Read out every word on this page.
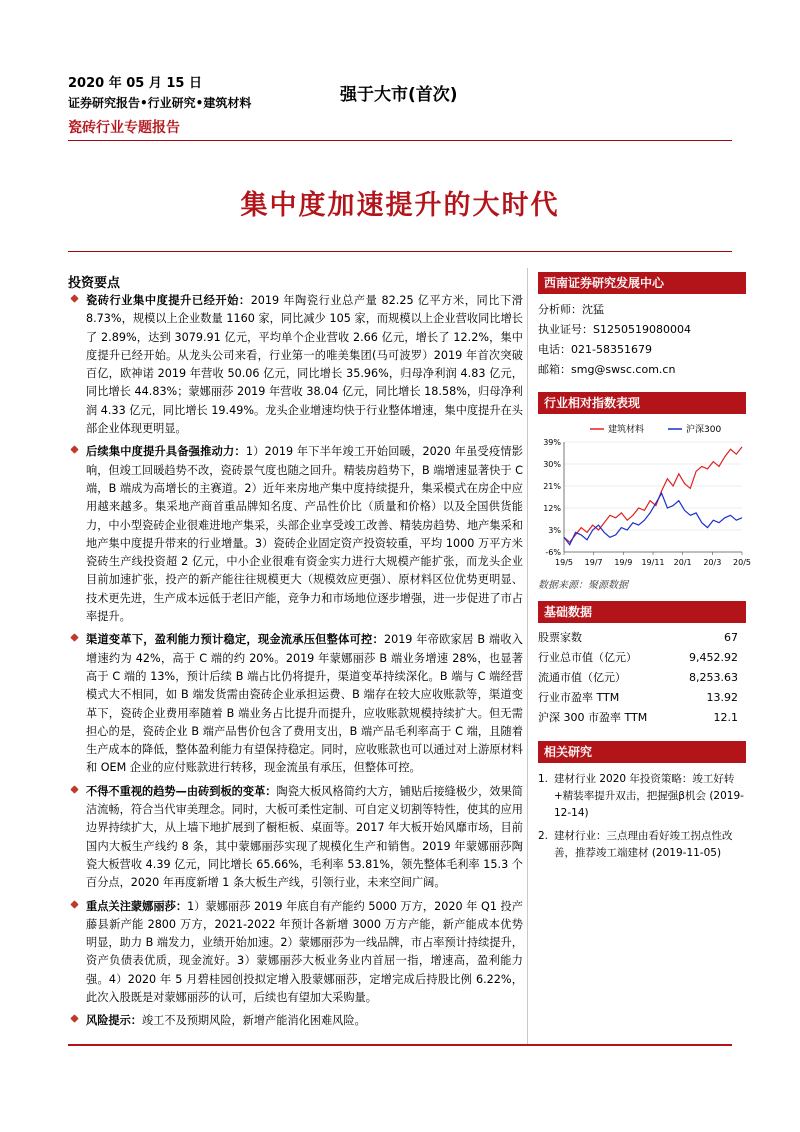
2020 年 05 月 15 日
证券研究报告•行业研究•建筑材料
瓷砖行业专题报告
强于大市(首次)
集中度加速提升的大时代
投资要点
瓷砖行业集中度提升已经开始：2019 年陶瓷行业总产量 82.25 亿平方米，同比下滑 8.73%，规模以上企业数量 1160 家，同比减少 105 家，而规模以上企业营收同比增长了 2.89%，达到 3079.91 亿元，平均单个企业营收 2.66 亿元，增长了 12.2%，集中度提升已经开始。从龙头公司来看，行业第一的唯美集团(马可波罗）2019 年首次突破百亿，欧神诺 2019 年营收 50.06 亿元，同比增长 35.96%，归母净利润 4.83 亿元，同比增长 44.83%；蒙娜丽莎 2019 年营收 38.04 亿元，同比增长 18.58%，归母净利润 4.33 亿元，同比增长 19.49%。龙头企业增速均快于行业整体增速，集中度提升在头部企业体现更明显。
后续集中度提升具备强推动力：1）2019 年下半年竣工开始回暖，2020 年虽受疫情影响，但竣工回暖趋势不改，瓷砖景气度也随之回升。精装房趋势下，B 端增速显著快于 C 端，B 端成为高增长的主赛道。2）近年来房地产集中度持续提升，集采模式在房企中应用越来越多。集采地产商首重品牌知名度、产品性价比（质量和价格）以及全国供货能力，中小型瓷砖企业很难进地产集采，头部企业享受竣工改善、精装房趋势、地产集采和地产集中度提升带来的行业增量。3）瓷砖企业固定资产投资较重，平均 1000 万平方米瓷砖生产线投资超 2 亿元，中小企业很难有资金实力进行大规模产能扩张，而龙头企业目前加速扩张，投产的新产能往往规模更大（规模效应更强）、原材料区位优势更明显、技术更先进，生产成本远低于老旧产能，竞争力和市场地位逐步增强，进一步促进了市占率提升。
渠道变革下，盈利能力预计稳定，现金流承压但整体可控：2019 年帝欧家居 B 端收入增速约为 42%，高于 C 端的约 20%。2019 年蒙娜丽莎 B 端业务增速 28%，也显著高于 C 端的 13%，预计后续 B 端占比仍将提升，渠道变革持续深化。B 端与 C 端经营模式大不相同，如 B 端发货需由瓷砖企业承担运费、B 端存在较大应收账款等，渠道变革下，瓷砖企业费用率随着 B 端业务占比提升而提升，应收账款规模持续扩大。但无需担心的是，瓷砖企业 B 端产品售价包含了费用支出，B 端产品毛利率高于 C 端，且随着生产成本的降低，整体盈利能力有望保持稳定。同时，应收账款也可以通过对上游原材料和 OEM 企业的应付账款进行转移，现金流虽有承压，但整体可控。
不得不重视的趋势—由砖到板的变革：陶瓷大板风格简约大方，铺贴后接缝极少，效果简洁流畅，符合当代审美理念。同时，大板可柔性定制、可自定义切割等特性，使其的应用边界持续扩大，从上墙下地扩展到了橱柜板、桌面等。2017 年大板开始风靡市场，目前国内大板生产线约 8 条，其中蒙娜丽莎实现了规模化生产和销售。2019 年蒙娜丽莎陶瓷大板营收 4.39 亿元，同比增长 65.66%，毛利率 53.81%，领先整体毛利率 15.3 个百分点，2020 年再度新增 1 条大板生产线，引领行业，未来空间广阔。
重点关注蒙娜丽莎：1）蒙娜丽莎 2019 年底自有产能约 5000 万方，2020 年 Q1 投产藤县新产能 2800 万方，2021-2022 年预计各新增 3000 万方产能，新产能成本优势明显，助力 B 端发力，业绩开始加速。2）蒙娜丽莎为一线品牌，市占率预计持续提升，资产负债表优质，现金流好。3）蒙娜丽莎大板业务业内首屈一指，增速高，盈利能力强。4）2020 年 5 月碧桂园创投拟定增入股蒙娜丽莎，定增完成后持股比例 6.22%，此次入股既是对蒙娜丽莎的认可，后续也有望加大采购量。
风险提示：竣工不及预期风险，新增产能消化困难风险。
西南证券研究发展中心
分析师：沈猛
执业证号：S1250519080004
电话：021-58351679
邮箱：smg@swsc.com.cn
行业相对指数表现
建筑材料	沪深300
39%
30%
21%
12%
3%
-6%
19/5 19/7 19/9 19/11 20/1 20/3 20/5
数据来源：聚源数据
基础数据
股票家数	67
行业总市值（亿元）	9,452.92
流通市值（亿元）	8,253.63
行业市盈率 TTM	13.92
沪深 300 市盈率 TTM	12.1
相关研究
1. 建材行业 2020 年投资策略：竣工好转+精装率提升双击，把握强β机会 (2019-12-14)
2. 建材行业：三点理由看好竣工拐点性改善，推荐竣工端建材 (2019-11-05)
